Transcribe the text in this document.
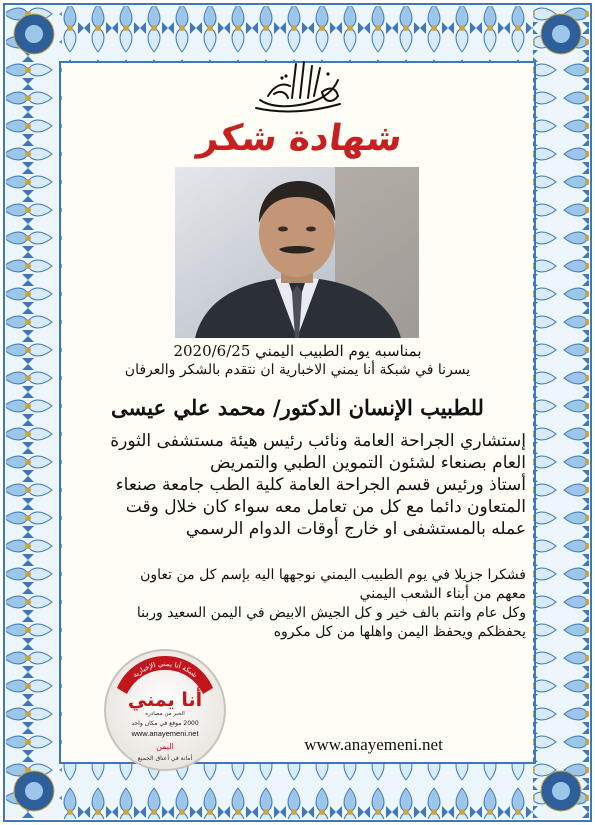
شهادة شكر
بمناسبه يوم الطبيب اليمني 2020/6/25
يسرنا في شبكة أنا يمني الاخبارية ان نتقدم بالشكر والعرفان
للطبيب الإنسان الدكتور/ محمد علي عيسى
إستشاري الجراحة العامة ونائب رئيس هيئة مستشفى الثورة
العام بصنعاء لشئون التموين الطبي والتمريض
أستاذ ورئيس قسم الجراحة العامة كلية الطب جامعة صنعاء
المتعاون دائما مع كل من تعامل معه سواء كان خلال وقت
عمله بالمستشفى او خارج أوقات الدوام الرسمي
فشكرا جزيلا في يوم الطبيب اليمني نوجهها اليه بإسم كل من تعاون
معهم من أبناء الشعب اليمني
وكل عام وانتم بالف خير و كل الجيش الابيض في اليمن السعيد وربنا
يحفظكم ويحفظ اليمن واهلها من كل مكروه
شبكة أنا يمني الإخبارية
أنا يمني
الخبر من مصادره
2000 موقع في مكان واحد
www.anayemeni.net
اليمن
أمانة في أعناق الجميع
www.anayemeni.net
